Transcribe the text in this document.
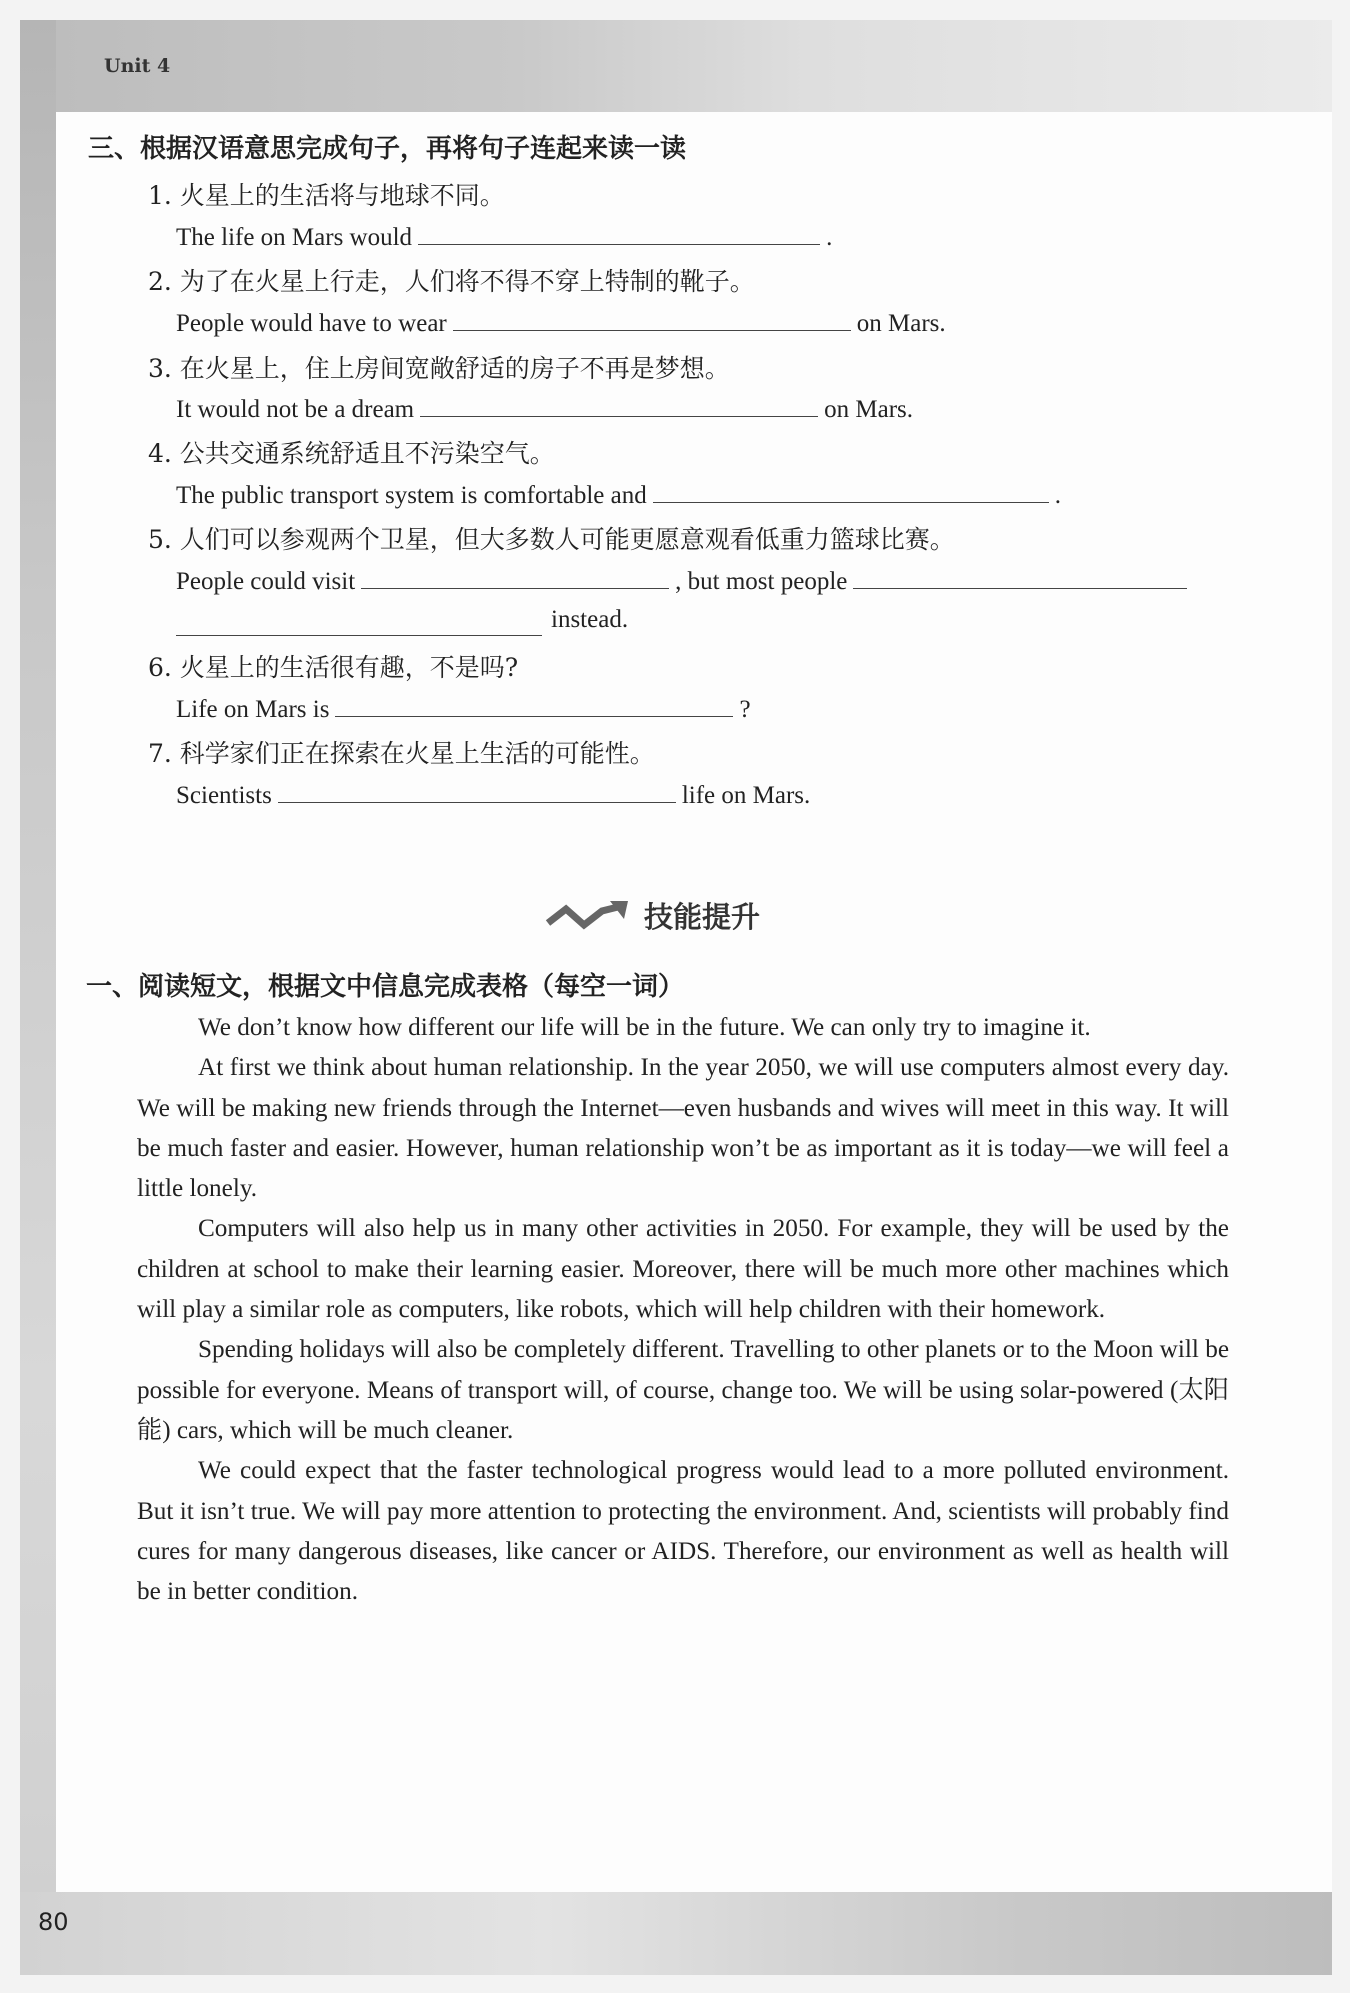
Unit 4
三、根据汉语意思完成句子，再将句子连起来读一读
1. 火星上的生活将与地球不同。
The life on Mars would	.
2. 为了在火星上行走，人们将不得不穿上特制的靴子。
People would have to wear	on Mars.
3. 在火星上，住上房间宽敞舒适的房子不再是梦想。
It would not be a dream	on Mars.
4. 公共交通系统舒适且不污染空气。
The public transport system is comfortable and	.
5. 人们可以参观两个卫星，但大多数人可能更愿意观看低重力篮球比赛。
People could visit	, but most people
instead.
6. 火星上的生活很有趣，不是吗?
Life on Mars is	?
7. 科学家们正在探索在火星上生活的可能性。
Scientists	life on Mars.
技能提升
一、阅读短文，根据文中信息完成表格（每空一词）

We don’t know how different our life will be in the future. We can only try to imagine it.

At first we think about human relationship. In the year 2050, we will use computers almost every day. We will be making new friends through the Internet—even husbands and wives will meet in this way. It will be much faster and easier. However, human relationship won’t be as important as it is today—we will feel a little lonely.

Computers will also help us in many other activities in 2050. For example, they will be used by the children at school to make their learning easier. Moreover, there will be much more other machines which will play a similar role as computers, like robots, which will help children with their homework.

Spending holidays will also be completely different. Travelling to other planets or to the Moon will be possible for everyone. Means of transport will, of course, change too. We will be using solar-powered (太阳能) cars, which will be much cleaner.

We could expect that the faster technological progress would lead to a more polluted environment. But it isn’t true. We will pay more attention to protecting the environment. And, scientists will probably find cures for many dangerous diseases, like cancer or AIDS. Therefore, our environment as well as health will be in better condition.

80
